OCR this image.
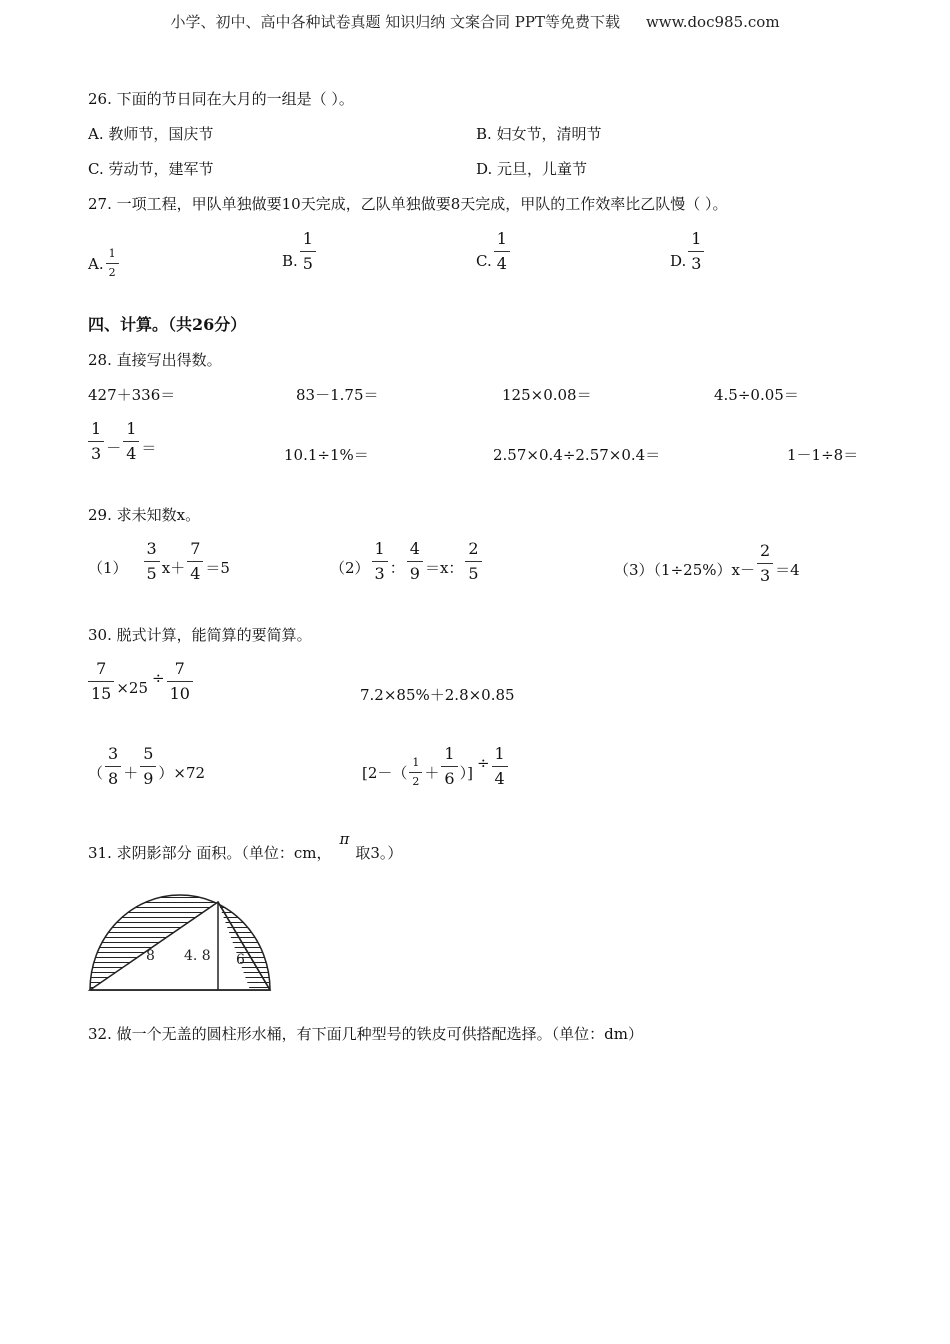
小学、初中、高中各种试卷真题 知识归纳 文案合同 PPT等免费下载 www.doc985.com
26. 下面的节日同在大月的一组是（ ）。
A. 教师节，国庆节	B. 妇女节，清明节
C. 劳动节，建军节	D. 元旦，儿童节
27. 一项工程，甲队单独做要10天完成，乙队单独做要8天完成，甲队的工作效率比乙队慢（ ）。
A.
1
2
B.
1
5	C.
1
4	D.
1
3
四、计算。（共26分）
28. 直接写出得数。
427＋336＝	83－1.75＝	125×0.08＝	4.5÷0.05＝
1
3 －
1
4 ＝	10.1÷1%＝	2.57×0.4÷2.57×0.4＝	1－1÷8＝
29. 求未知数x。
（1）
3
5 x＋
7
4 ＝5	（2）
1
3 ：
4
9 ＝x：
2
5	（3）（1÷25%）x－
2
3 ＝4
30. 脱式计算，能简算的要简算。
$\frac{7}{15} \times 25$
÷ $\frac{7}{10}$	7.2×85%＋2.8×0.85
（
3
8 ＋
5
9 ）×72	[2－（
1
2 ＋
1
6 ）]
÷ $\frac{1}{4}$
31. 求阴影部分 面积。（单位：cm，π取3。）
8 4. 8 6
32. 做一个无盖的圆柱形水桶，有下面几种型号的铁皮可供搭配选择。（单位：dm）
